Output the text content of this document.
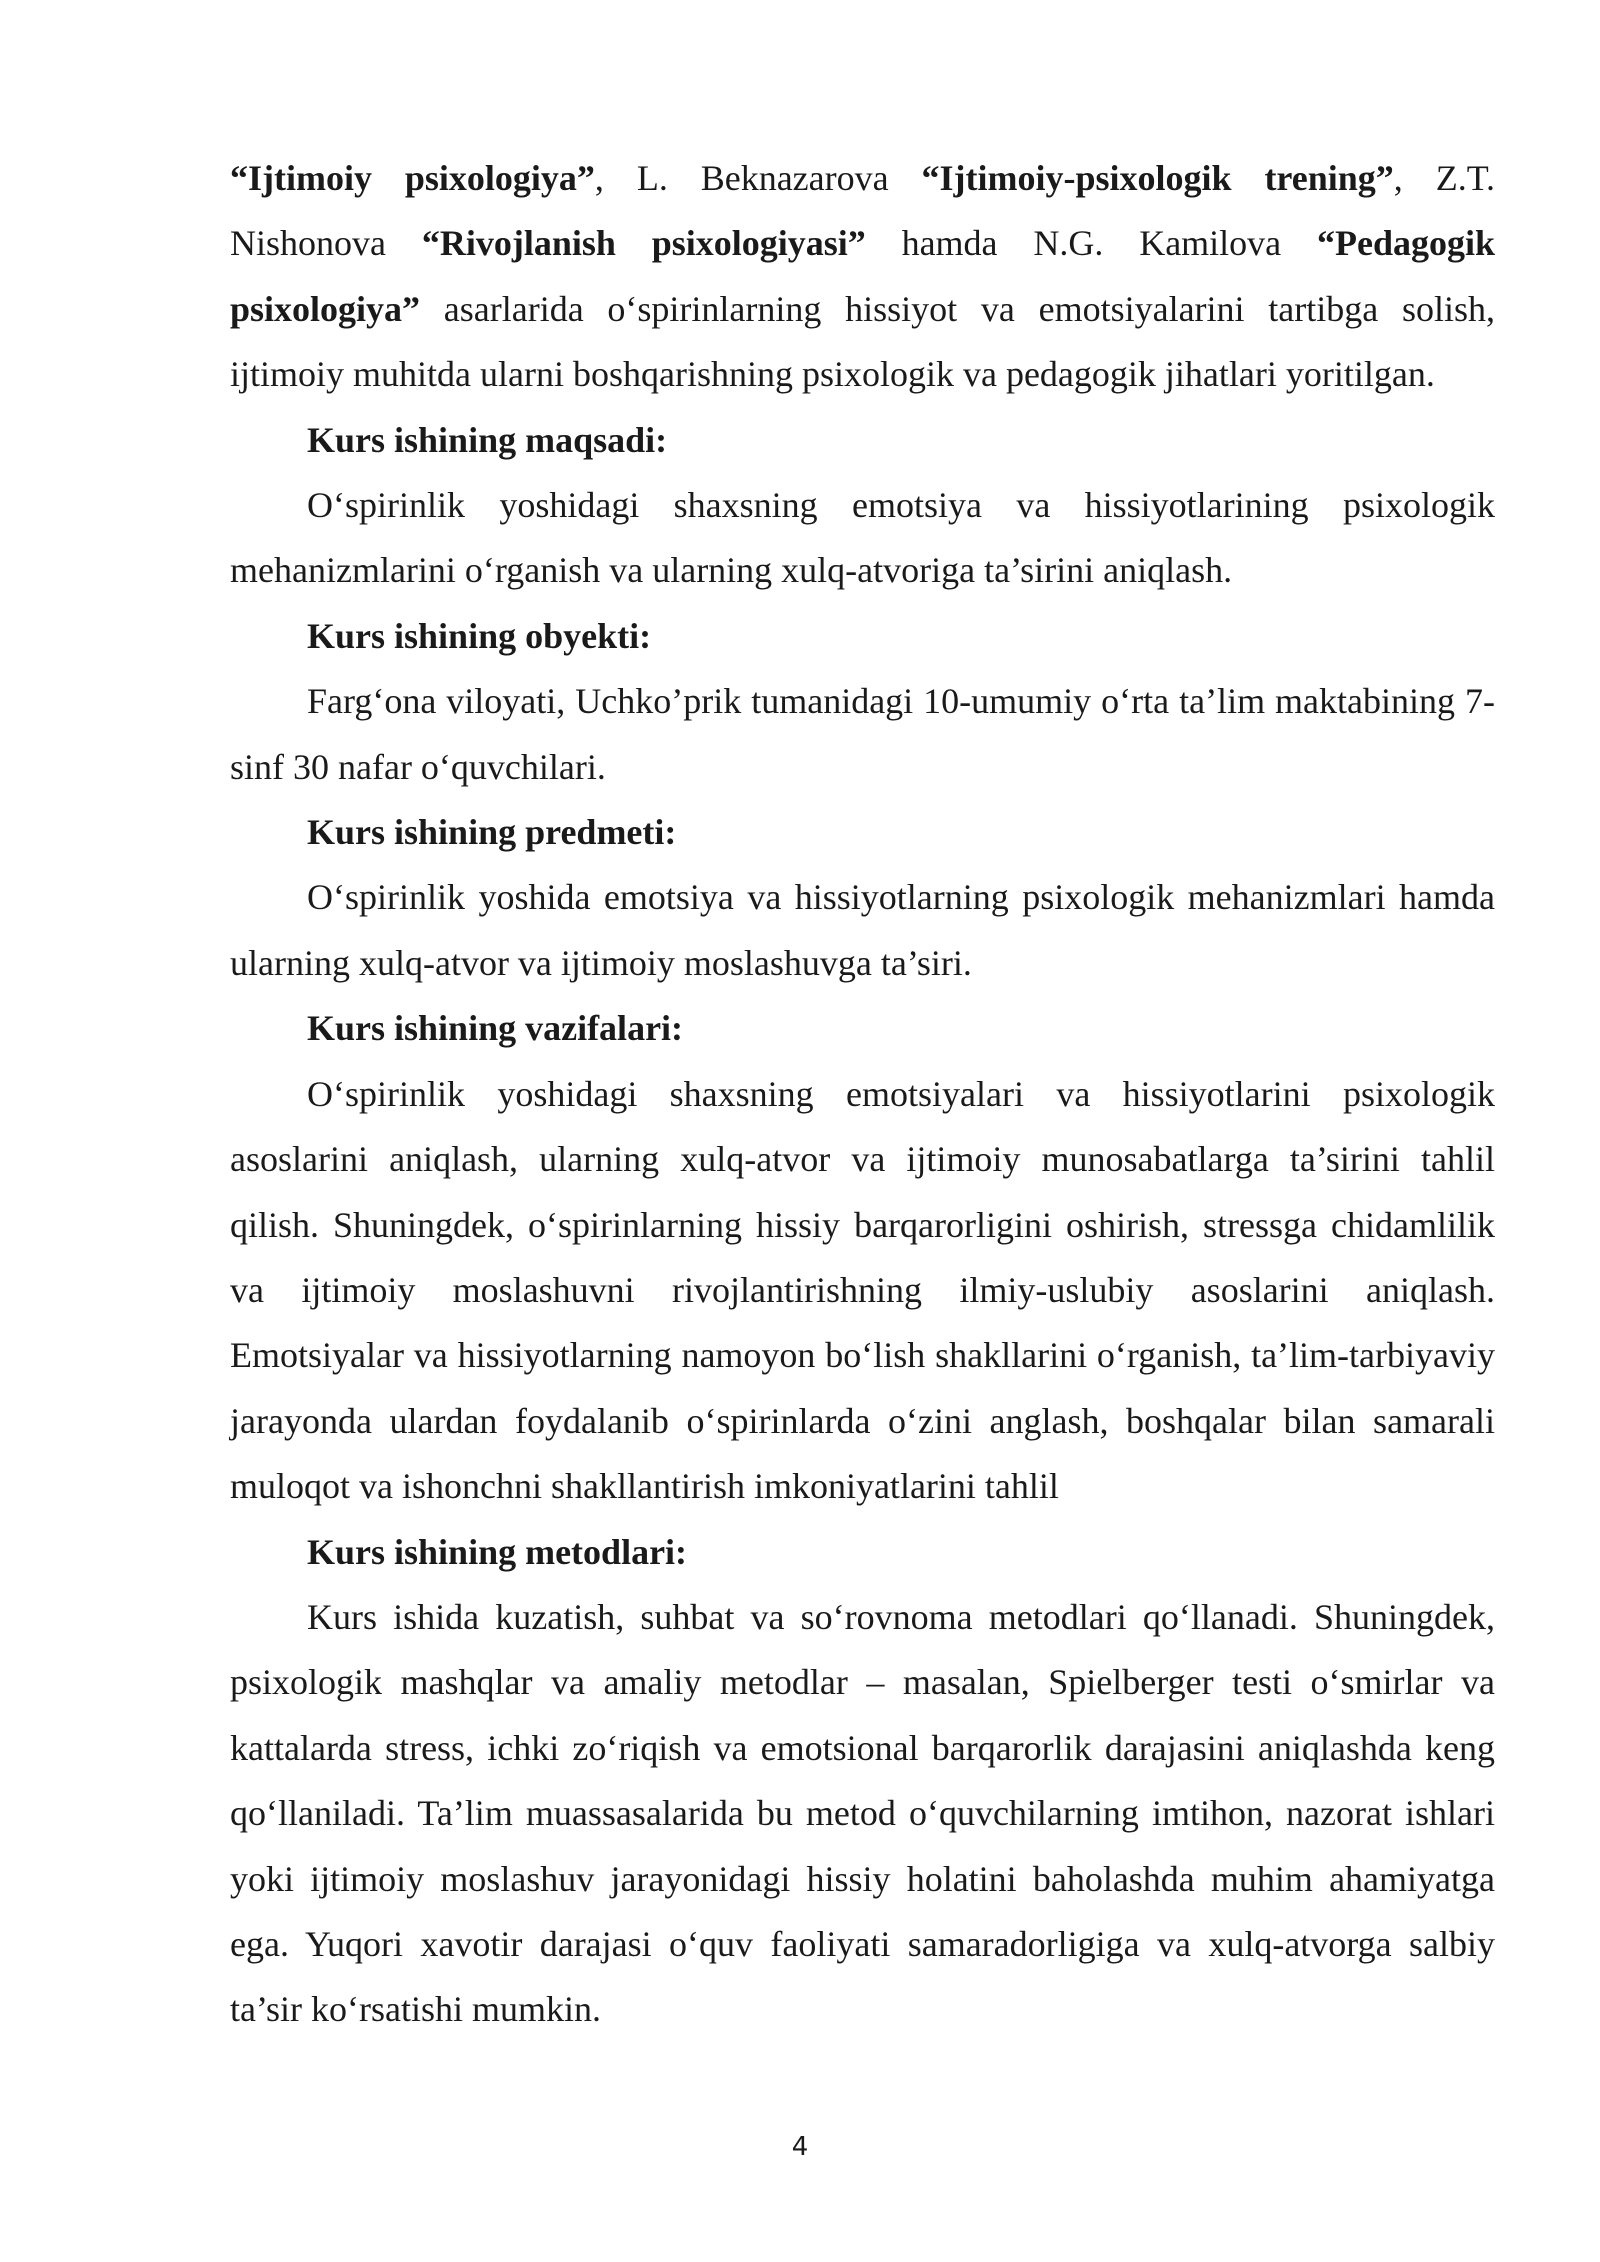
“Ijtimoiy psixologiya”, L. Beknazarova “Ijtimoiy-psixologik trening”, Z.T. Nishonova “Rivojlanish psixologiyasi” hamda N.G. Kamilova “Pedagogik psixologiya” asarlarida o‘spirinlarning hissiyot va emotsiyalarini tartibga solish, ijtimoiy muhitda ularni boshqarishning psixologik va pedagogik jihatlari yoritilgan.

Kurs ishining maqsadi:

O‘spirinlik yoshidagi shaxsning emotsiya va hissiyotlarining psixologik mehanizmlarini o‘rganish va ularning xulq-atvoriga ta’sirini aniqlash.

Kurs ishining obyekti:

Farg‘ona viloyati, Uchko’prik tumanidagi 10-umumiy o‘rta ta’lim maktabining 7-sinf 30 nafar o‘quvchilari.

Kurs ishining predmeti:

O‘spirinlik yoshida emotsiya va hissiyotlarning psixologik mehanizmlari hamda ularning xulq-atvor va ijtimoiy moslashuvga ta’siri.

Kurs ishining vazifalari:

O‘spirinlik yoshidagi shaxsning emotsiyalari va hissiyotlarini psixologik asoslarini aniqlash, ularning xulq-atvor va ijtimoiy munosabatlarga ta’sirini tahlil qilish. Shuningdek, o‘spirinlarning hissiy barqarorligini oshirish, stressga chidamlilik va ijtimoiy moslashuvni rivojlantirishning ilmiy-uslubiy asoslarini aniqlash. Emotsiyalar va hissiyotlarning namoyon bo‘lish shakllarini o‘rganish, ta’lim-tarbiyaviy jarayonda ulardan foydalanib o‘spirinlarda o‘zini anglash, boshqalar bilan samarali muloqot va ishonchni shakllantirish imkoniyatlarini tahlil

Kurs ishining metodlari:

Kurs ishida kuzatish, suhbat va so‘rovnoma metodlari qo‘llanadi. Shuningdek, psixologik mashqlar va amaliy metodlar – masalan, Spielberger testi o‘smirlar va kattalarda stress, ichki zo‘riqish va emotsional barqarorlik darajasini aniqlashda keng qo‘llaniladi. Ta’lim muassasalarida bu metod o‘quvchilarning imtihon, nazorat ishlari yoki ijtimoiy moslashuv jarayonidagi hissiy holatini baholashda muhim ahamiyatga ega. Yuqori xavotir darajasi o‘quv faoliyati samaradorligiga va xulq-atvorga salbiy ta’sir ko‘rsatishi mumkin.

4
